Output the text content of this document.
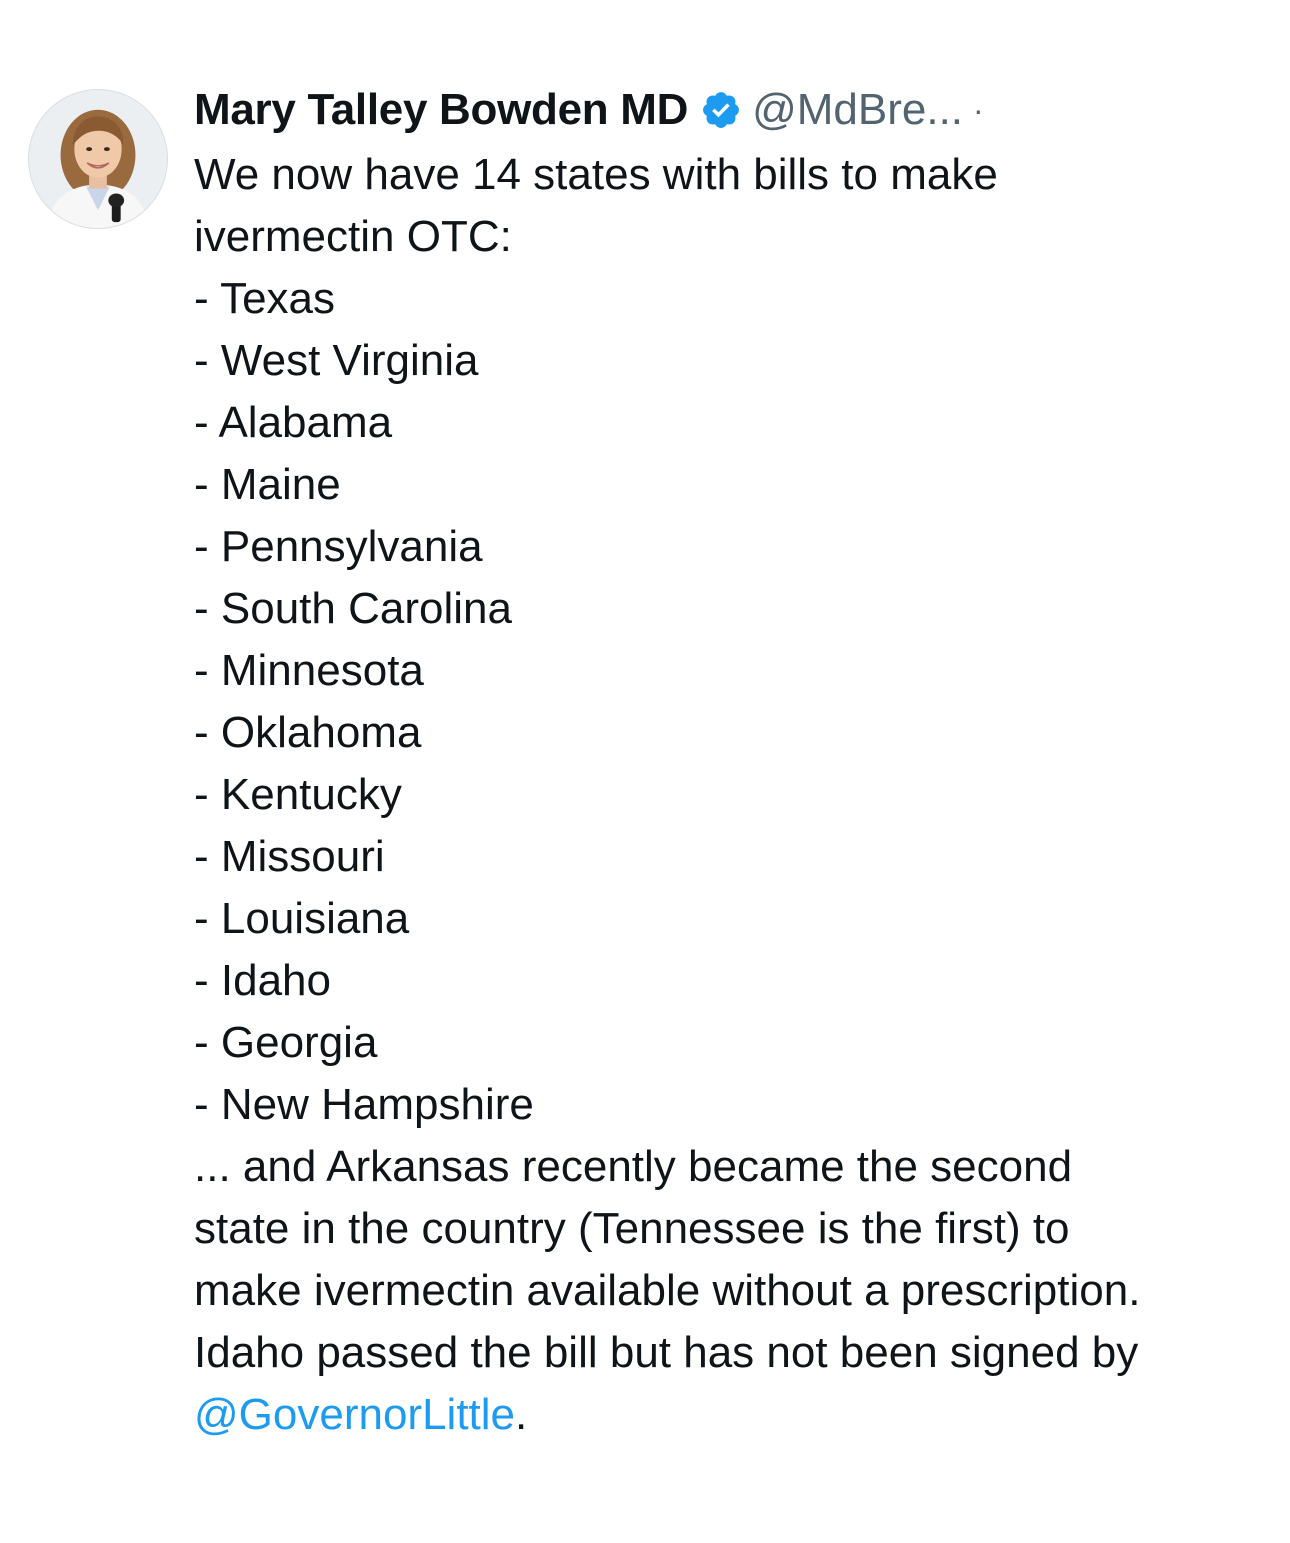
Mary Talley Bowden MD @MdBre... ·
We now have 14 states with bills to make
ivermectin OTC:
- Texas
- West Virginia
- Alabama
- Maine
- Pennsylvania
- South Carolina
- Minnesota
- Oklahoma
- Kentucky
- Missouri
- Louisiana
- Idaho
- Georgia
- New Hampshire
... and Arkansas recently became the second
state in the country (Tennessee is the first) to
make ivermectin available without a prescription.
Idaho passed the bill but has not been signed by
@GovernorLittle.
